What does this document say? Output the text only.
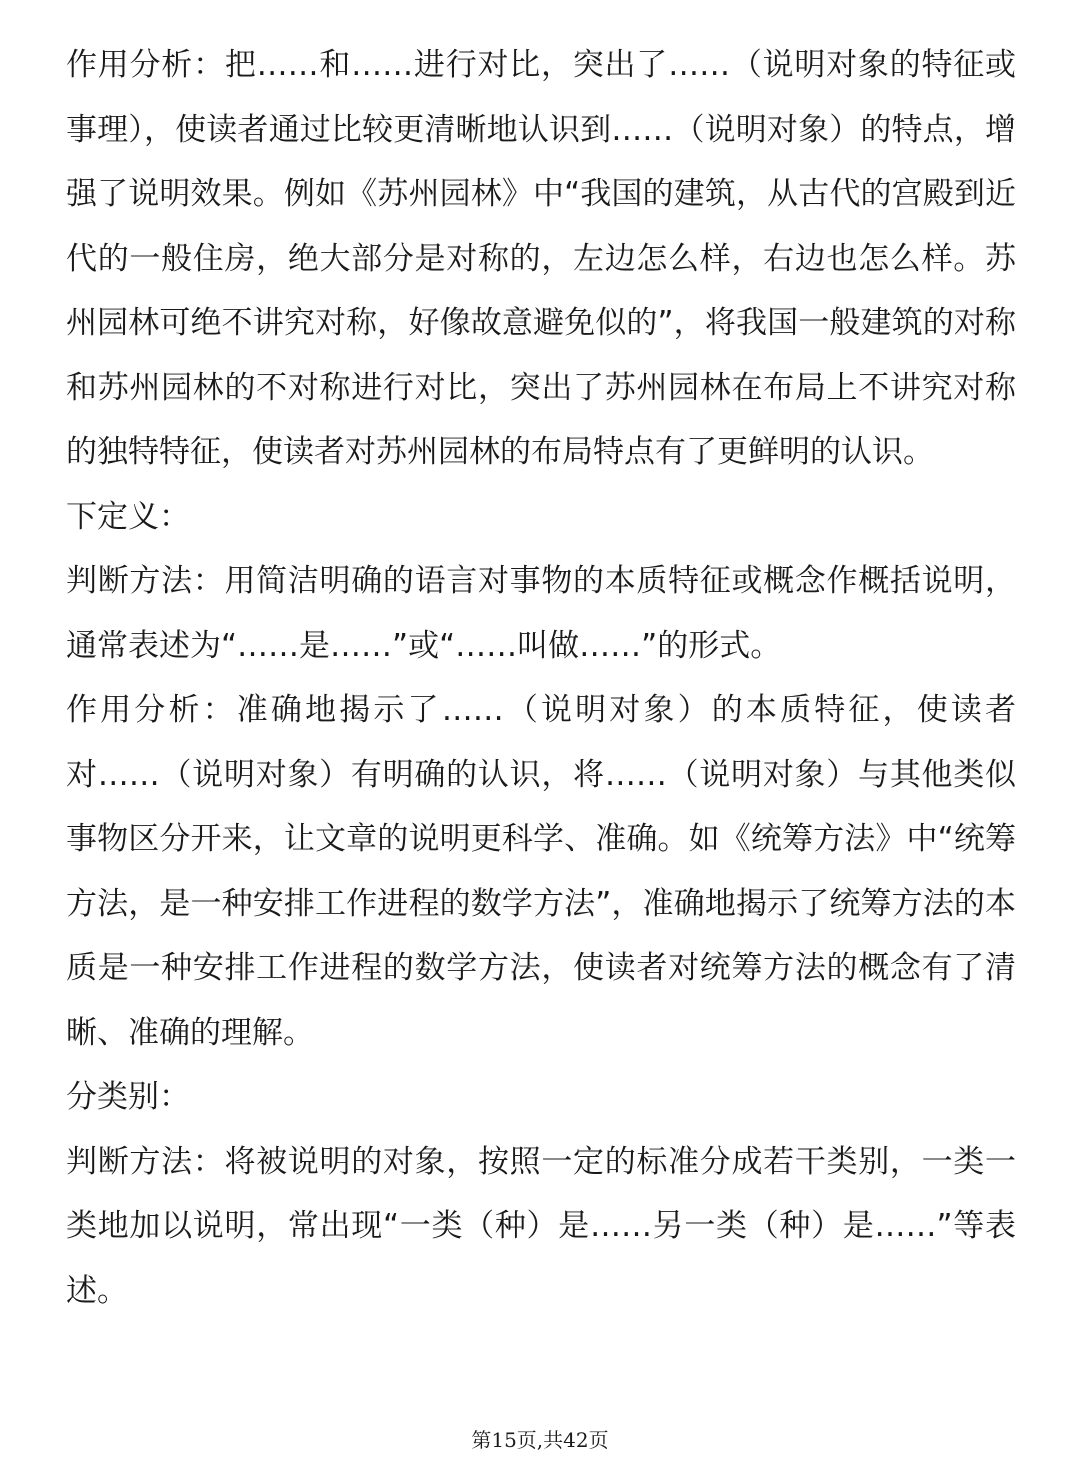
作用分析：把……和……进行对比，突出了……（说明对象的特征或事理），使读者通过比较更清晰地认识到……（说明对象）的特点，增强了说明效果。例如《苏州园林》中“我国的建筑，从古代的宫殿到近代的一般住房，绝大部分是对称的，左边怎么样，右边也怎么样。苏州园林可绝不讲究对称，好像故意避免似的”，将我国一般建筑的对称和苏州园林的不对称进行对比，突出了苏州园林在布局上不讲究对称的独特特征，使读者对苏州园林的布局特点有了更鲜明的认识。

下定义：

判断方法：用简洁明确的语言对事物的本质特征或概念作概括说明，通常表述为“……是……”或“……叫做……”的形式。

作用分析：准确地揭示了……（说明对象）的本质特征，使读者对……（说明对象）有明确的认识，将……（说明对象）与其他类似事物区分开来，让文章的说明更科学、准确。如《统筹方法》中“统筹方法，是一种安排工作进程的数学方法”，准确地揭示了统筹方法的本质是一种安排工作进程的数学方法，使读者对统筹方法的概念有了清晰、准确的理解。

分类别：

判断方法：将被说明的对象，按照一定的标准分成若干类别，一类一类地加以说明，常出现“一类（种）是……另一类（种）是……”等表述。

第15页,共42页
